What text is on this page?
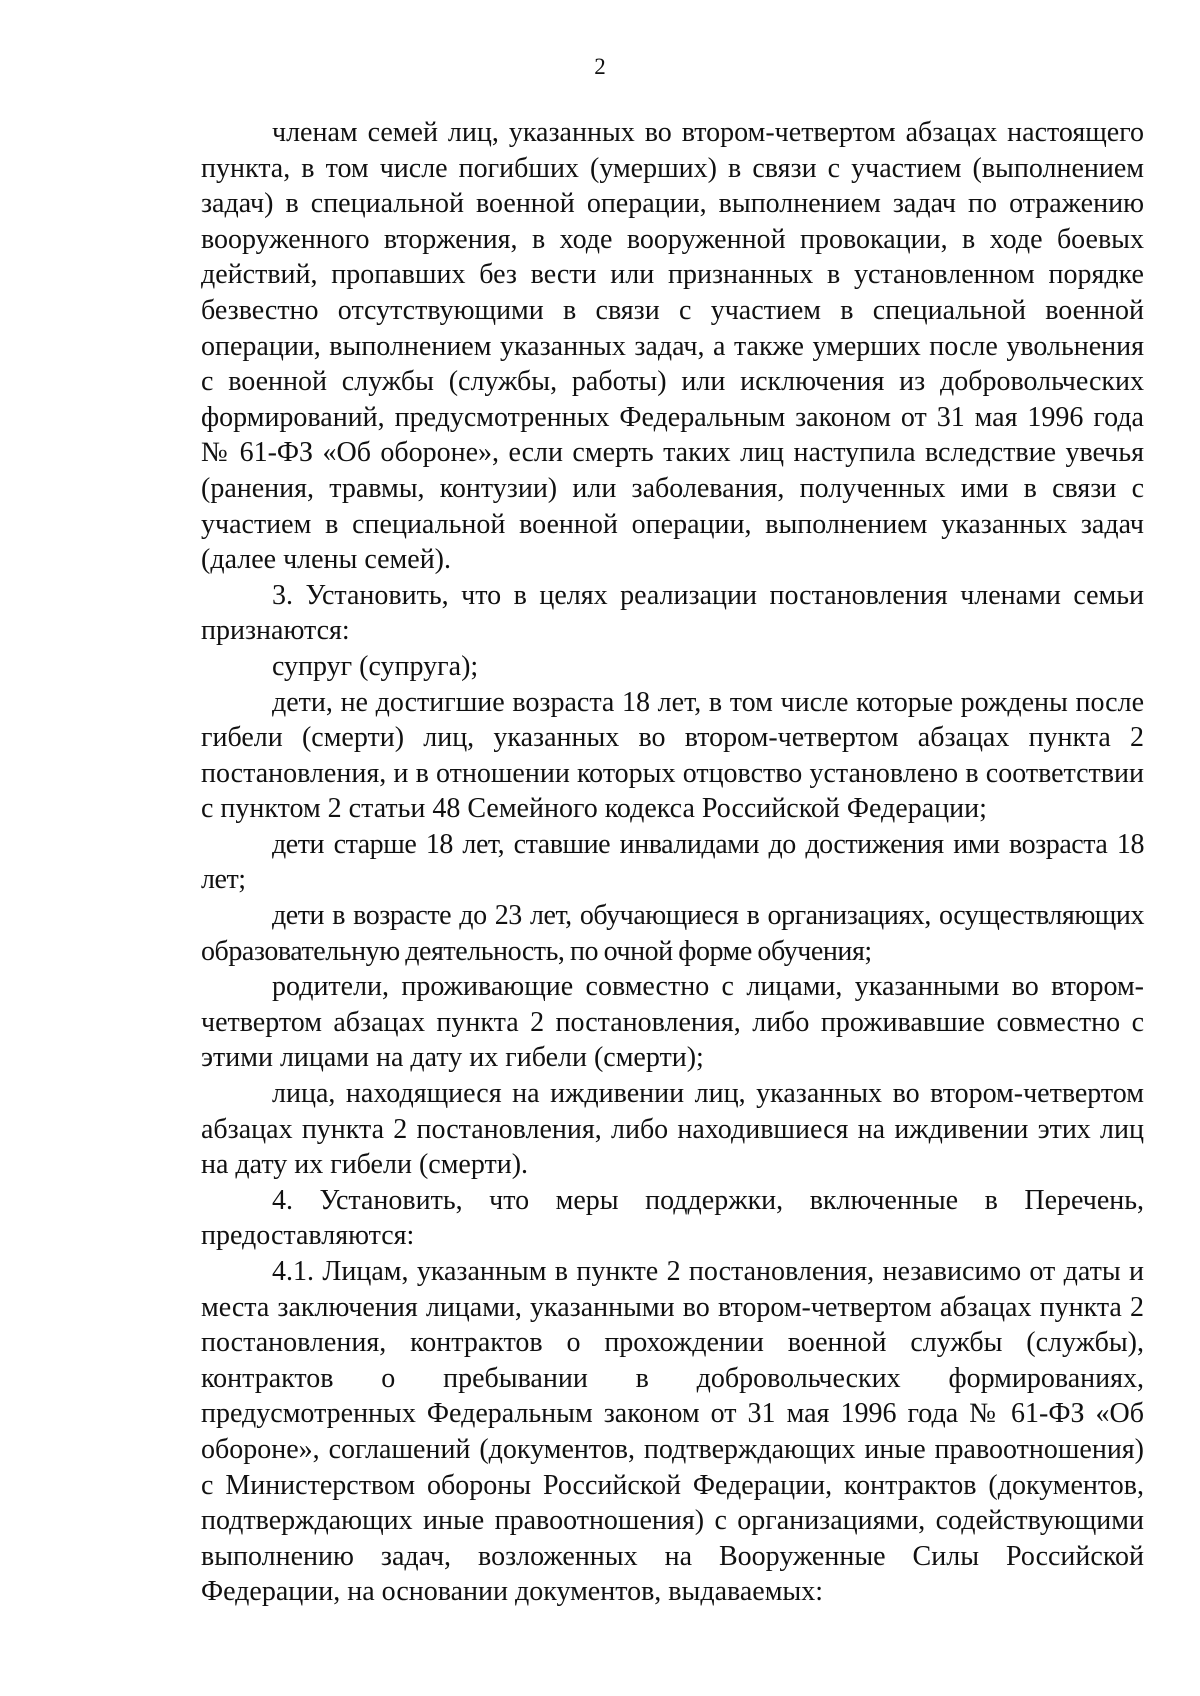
2

членам семей лиц, указанных во втором-четвертом абзацах настоящего пункта, в том числе погибших (умерших) в связи с участием (выполнением задач) в специальной военной операции, выполнением задач по отражению вооруженного вторжения, в ходе вооруженной провокации, в ходе боевых действий, пропавших без вести или признанных в установленном порядке безвестно отсутствующими в связи с участием в специальной военной операции, выполнением указанных задач, а также умерших после увольнения с военной службы (службы, работы) или исключения из добровольческих формирований, предусмотренных Федеральным законом от 31 мая 1996 года № 61-ФЗ «Об обороне», если смерть таких лиц наступила вследствие увечья (ранения, травмы, контузии) или заболевания, полученных ими в связи с участием в специальной военной операции, выполнением указанных задач (далее члены семей).

3. Установить, что в целях реализации постановления членами семьи признаются:

супруг (супруга);

дети, не достигшие возраста 18 лет, в том числе которые рождены после гибели (смерти) лиц, указанных во втором-четвертом абзацах пункта 2 постановления, и в отношении которых отцовство установлено в соответствии с пунктом 2 статьи 48 Семейного кодекса Российской Федерации;

дети старше 18 лет, ставшие инвалидами до достижения ими возраста 18 лет;

дети в возрасте до 23 лет, обучающиеся в организациях, осуществляющих образовательную деятельность, по очной форме обучения;

родители, проживающие совместно с лицами, указанными во втором-четвертом абзацах пункта 2 постановления, либо проживавшие совместно с этими лицами на дату их гибели (смерти);

лица, находящиеся на иждивении лиц, указанных во втором-четвертом абзацах пункта 2 постановления, либо находившиеся на иждивении этих лиц на дату их гибели (смерти).

4. Установить, что меры поддержки, включенные в Перечень, предоставляются:

4.1. Лицам, указанным в пункте 2 постановления, независимо от даты и места заключения лицами, указанными во втором-четвертом абзацах пункта 2 постановления, контрактов о прохождении военной службы (службы), контрактов о пребывании в добровольческих формированиях, предусмотренных Федеральным законом от 31 мая 1996 года № 61-ФЗ «Об обороне», соглашений (документов, подтверждающих иные правоотношения) с Министерством обороны Российской Федерации, контрактов (документов, подтверждающих иные правоотношения) с организациями, содействующими выполнению задач, возложенных на Вооруженные Силы Российской Федерации, на основании документов, выдаваемых:
